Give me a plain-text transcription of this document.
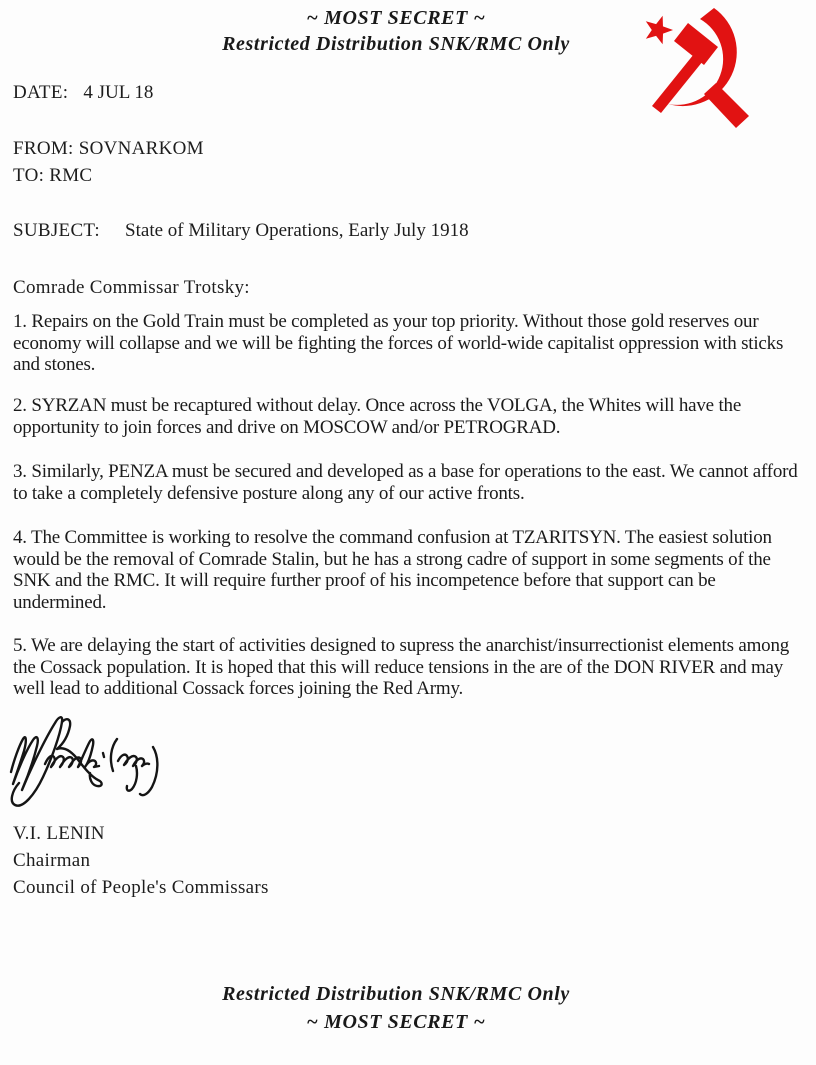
~ MOST SECRET ~
Restricted Distribution SNK/RMC Only
DATE: 4 JUL 18
FROM: SOVNARKOM
TO: RMC
SUBJECT: State of Military Operations, Early July 1918
Comrade Commissar Trotsky:
1. Repairs on the Gold Train must be completed as your top priority. Without those gold reserves our economy will collapse and we will be fighting the forces of world-wide capitalist oppression with sticks and stones.
2. SYRZAN must be recaptured without delay. Once across the VOLGA, the Whites will have the opportunity to join forces and drive on MOSCOW and/or PETROGRAD.
3. Similarly, PENZA must be secured and developed as a base for operations to the east. We cannot afford to take a completely defensive posture along any of our active fronts.
4. The Committee is working to resolve the command confusion at TZARITSYN. The easiest solution would be the removal of Comrade Stalin, but he has a strong cadre of support in some segments of the SNK and the RMC. It will require further proof of his incompetence before that support can be undermined.
5. We are delaying the start of activities designed to supress the anarchist/insurrectionist elements among the Cossack population. It is hoped that this will reduce tensions in the are of the DON RIVER and may well lead to additional Cossack forces joining the Red Army.
V.I. LENIN
Chairman
Council of People's Commissars
Restricted Distribution SNK/RMC Only
~ MOST SECRET ~
